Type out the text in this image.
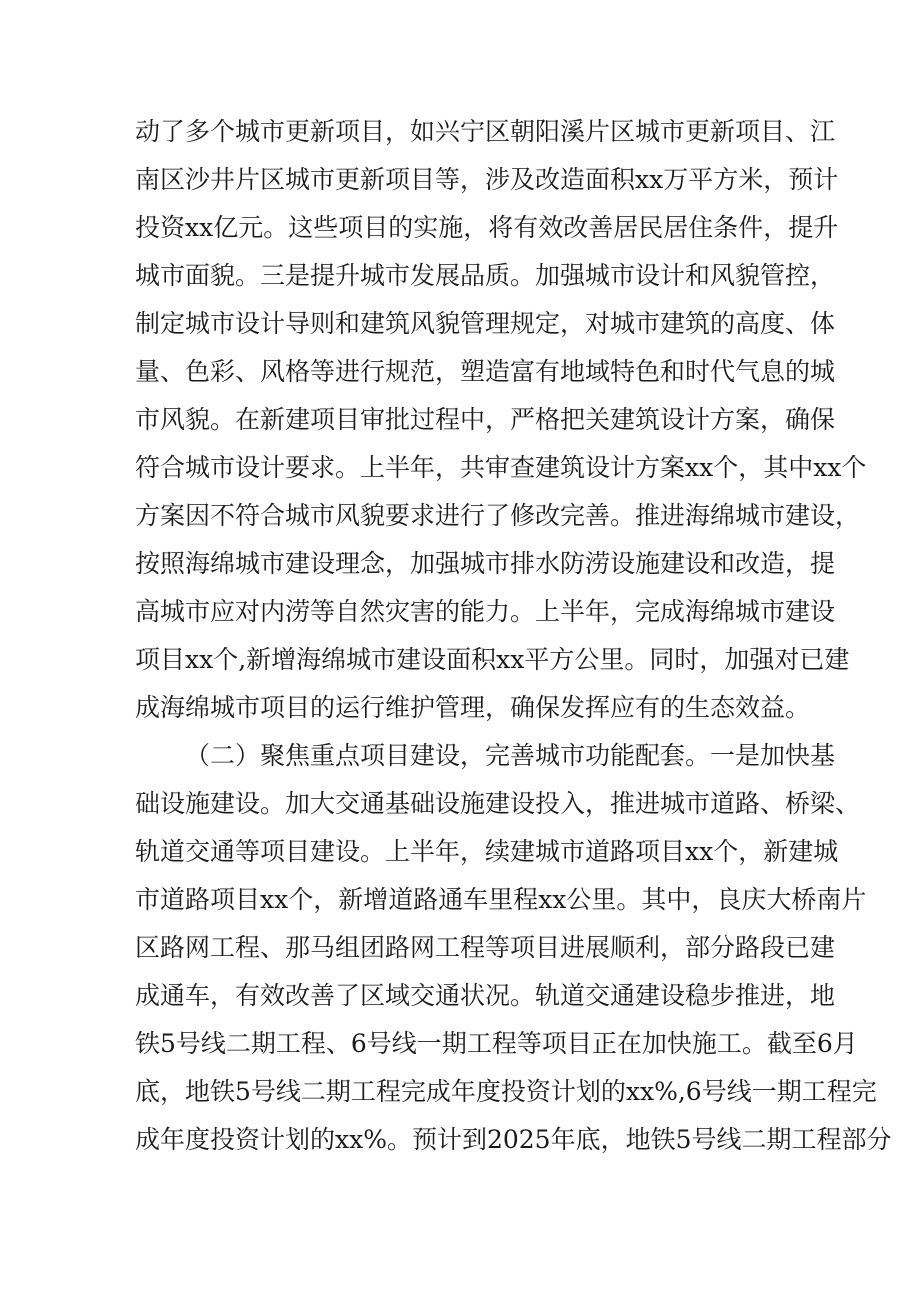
动了多个城市更新项目，如兴宁区朝阳溪片区城市更新项目、江
南区沙井片区城市更新项目等，涉及改造面积xx万平方米，预计
投资xx亿元。这些项目的实施，将有效改善居民居住条件，提升
城市面貌。三是提升城市发展品质。加强城市设计和风貌管控，
制定城市设计导则和建筑风貌管理规定，对城市建筑的高度、体
量、色彩、风格等进行规范，塑造富有地域特色和时代气息的城
市风貌。在新建项目审批过程中，严格把关建筑设计方案，确保
符合城市设计要求。上半年，共审查建筑设计方案xx个，其中xx个
方案因不符合城市风貌要求进行了修改完善。推进海绵城市建设，
按照海绵城市建设理念，加强城市排水防涝设施建设和改造，提
高城市应对内涝等自然灾害的能力。上半年，完成海绵城市建设
项目xx个,新增海绵城市建设面积xx平方公里。同时，加强对已建
成海绵城市项目的运行维护管理，确保发挥应有的生态效益。
（二）聚焦重点项目建设，完善城市功能配套。一是加快基
础设施建设。加大交通基础设施建设投入，推进城市道路、桥梁、
轨道交通等项目建设。上半年，续建城市道路项目xx个，新建城
市道路项目xx个，新增道路通车里程xx公里。其中，良庆大桥南片
区路网工程、那马组团路网工程等项目进展顺利，部分路段已建
成通车，有效改善了区域交通状况。轨道交通建设稳步推进，地
铁5号线二期工程、6号线一期工程等项目正在加快施工。截至6月
底，地铁5号线二期工程完成年度投资计划的xx%,6号线一期工程完
成年度投资计划的xx%。预计到2025年底，地铁5号线二期工程部分
